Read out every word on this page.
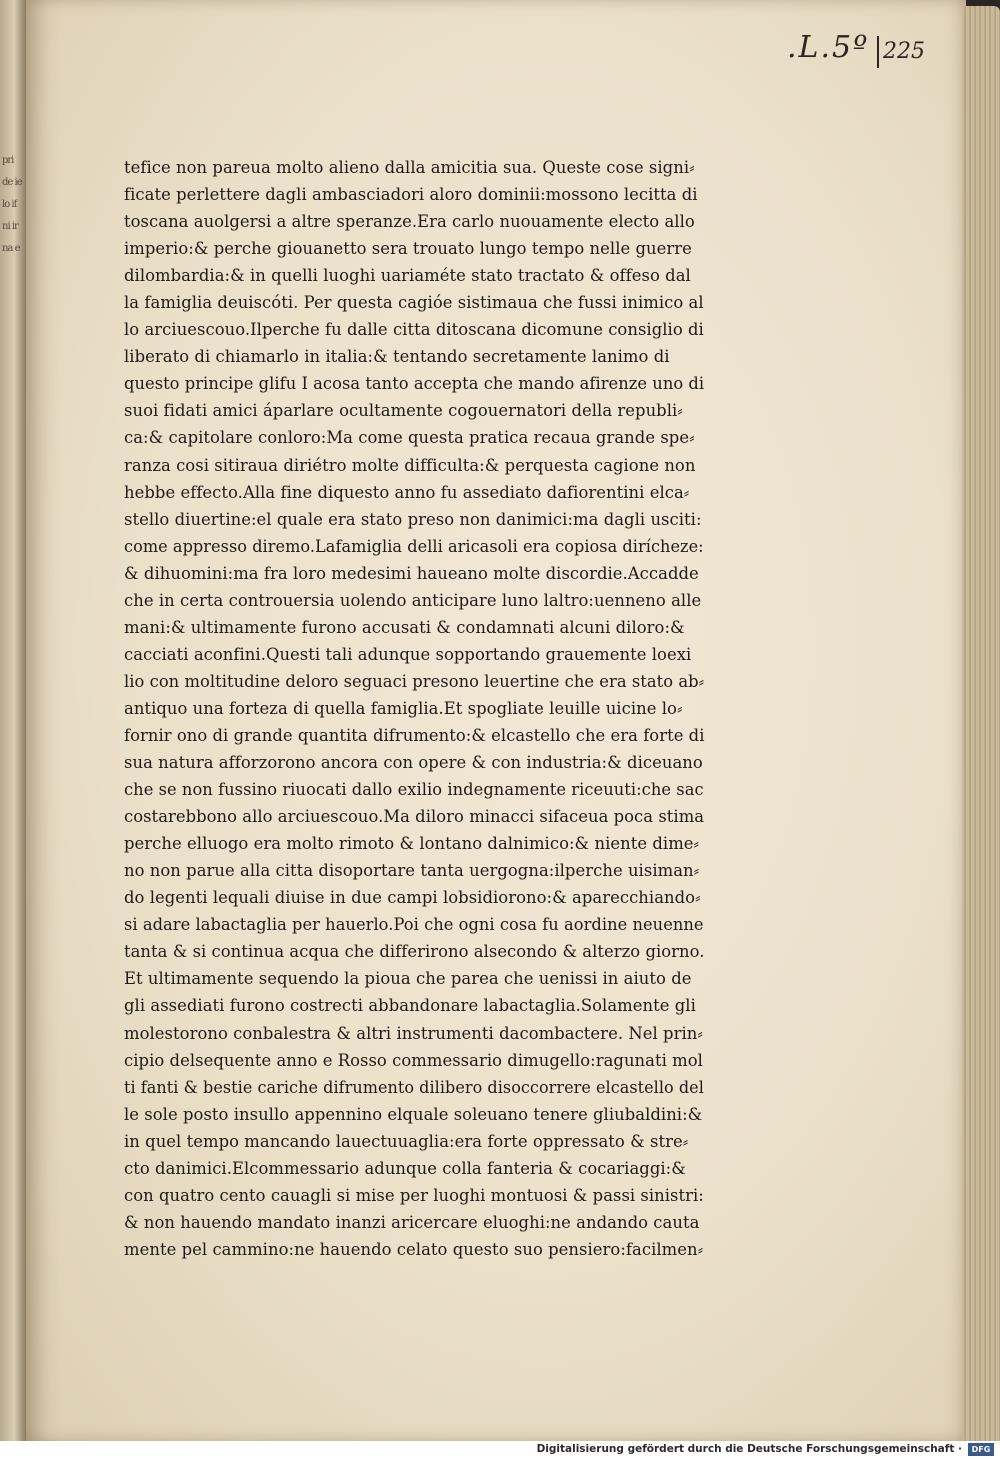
pri de ie lo if ni ir na e
.L.5º 225
tefice non pareua molto alieno dalla amicitia sua. Queste cose signi⸗
ficate perlettere dagli ambasciadori aloro dominii:mossono lecitta di
toscana auolgersi a altre speranze.Era carlo nuouamente electo allo
imperio:& perche giouanetto sera trouato lungo tempo nelle guerre
dilombardia:& in quelli luoghi uariaméte stato tractato & offeso dal
la famiglia deuiscóti. Per questa cagióe sistimaua che fussi inimico al
lo arciuescouo.Ilperche fu dalle citta ditoscana dicomune consiglio di
liberato di chiamarlo in italia:& tentando secretamente lanimo di
questo principe glifu I acosa tanto accepta che mando afirenze uno di
suoi fidati amici áparlare ocultamente cogouernatori della republi⸗
ca:& capitolare conloro:Ma come questa pratica recaua grande spe⸗
ranza cosi sitiraua diriétro molte difficulta:& perquesta cagione non
hebbe effecto.Alla fine diquesto anno fu assediato dafiorentini elca⸗
stello diuertine:el quale era stato preso non danimici:ma dagli usciti:
come appresso diremo.Lafamiglia delli aricasoli era copiosa dirícheze:
& dihuomini:ma fra loro medesimi haueano molte discordie.Accadde
che in certa controuersia uolendo anticipare luno laltro:uenneno alle
mani:& ultimamente furono accusati & condamnati alcuni diloro:&
cacciati aconfini.Questi tali adunque sopportando grauemente loexi
lio con moltitudine deloro seguaci presono leuertine che era stato ab⸗
antiquo una forteza di quella famiglia.Et spogliate leuille uicine lo⸗
fornir ono di grande quantita difrumento:& elcastello che era forte di
sua natura afforzorono ancora con opere & con industria:& diceuano
che se non fussino riuocati dallo exilio indegnamente riceuuti:che sac
costarebbono allo arciuescouo.Ma diloro minacci sifaceua poca stima
perche elluogo era molto rimoto & lontano dalnimico:& niente dime⸗
no non parue alla citta disoportare tanta uergogna:ilperche uisiman⸗
do legenti lequali diuise in due campi lobsidiorono:& aparecchiando⸗
si adare labactaglia per hauerlo.Poi che ogni cosa fu aordine neuenne
tanta & si continua acqua che differirono alsecondo & alterzo giorno.
Et ultimamente sequendo la pioua che parea che uenissi in aiuto de
gli assediati furono costrecti abbandonare labactaglia.Solamente gli
molestorono conbalestra & altri instrumenti dacombactere. Nel prin⸗
cipio delsequente anno e Rosso commessario dimugello:ragunati mol
ti fanti & bestie cariche difrumento dilibero disoccorrere elcastello del
le sole posto insullo appennino elquale soleuano tenere gliubaldini:&
in quel tempo mancando lauectuuaglia:era forte oppressato & stre⸗
cto danimici.Elcommessario adunque colla fanteria & cocariaggi:&
con quatro cento cauagli si mise per luoghi montuosi & passi sinistri:
& non hauendo mandato inanzi aricercare eluoghi:ne andando cauta
mente pel cammino:ne hauendo celato questo suo pensiero:facilmen⸗
Digitalisierung gefördert durch die Deutsche Forschungsgemeinschaft ·	DFG
